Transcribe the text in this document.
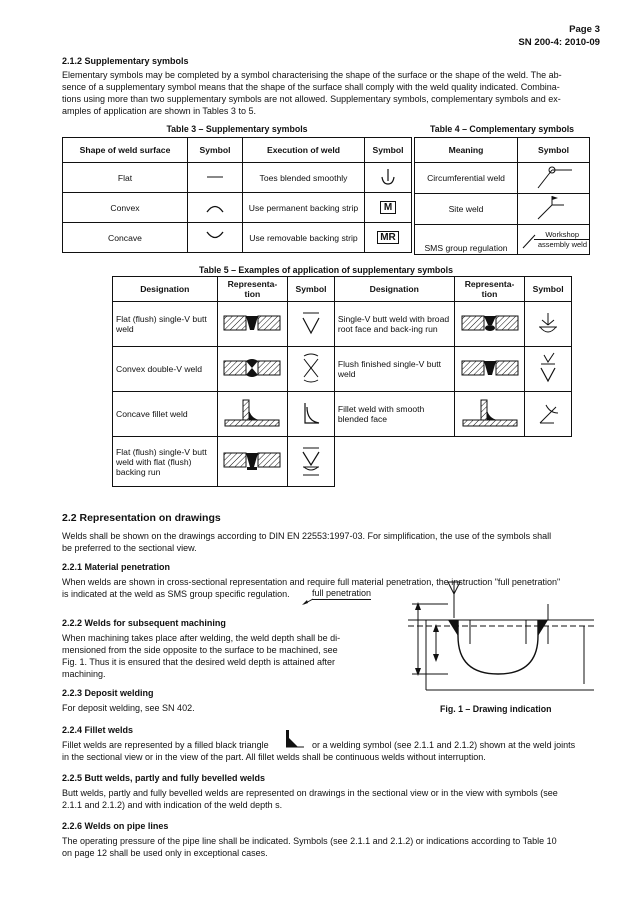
Page 3
SN 200-4: 2010-09
2.1.2 Supplementary symbols
Elementary symbols may be completed by a symbol characterising the shape of the surface or the shape of the weld. The ab-
sence of a supplementary symbol means that the shape of the surface shall comply with the weld quality indicated. Combina-
tions using more than two supplementary symbols are not allowed. Supplementary symbols, complementary symbols and ex-
amples of application are shown in Tables 3 to 5.
Table 3 – Supplementary symbols
Shape of weld surface	Symbol	Execution of weld	Symbol
Flat		Toes blended smoothly	
Convex		Use permanent backing strip	M
Concave		Use removable backing strip	MR
Table 4 – Complementary symbols
Meaning	Symbol
Circumferential weld	
Site weld	
SMS group regulation	Workshop
assembly weld
Table 5 – Examples of application of supplementary symbols
Designation	Representa-tion	Symbol	Designation	Representa-tion	Symbol
Flat (flush) single-V butt weld			Single-V butt weld with broad root face and back-ing run		
Convex double-V weld			Flush finished single-V butt weld		
Concave fillet weld			Fillet weld with smooth blended face		
Flat (flush) single-V butt weld with flat (flush) backing run			
2.2 Representation on drawings
Welds shall be shown on the drawings according to DIN EN 22553:1997-03. For simplification, the use of the symbols shall
be preferred to the sectional view.
2.2.1 Material penetration
When welds are shown in cross-sectional representation and require full material penetration, the instruction "full penetration"
is indicated at the weld as SMS group specific regulation.	full penetration
2.2.2 Welds for subsequent machining
When machining takes place after welding, the weld depth shall be di-
mensioned from the side opposite to the surface to be machined, see
Fig. 1. Thus it is ensured that the desired weld depth is attained after
machining.
Fig. 1 – Drawing indication
2.2.3 Deposit welding
For deposit welding, see SN 402.
2.2.4 Fillet welds
Fillet welds are represented by a filled black triangle	or a welding symbol (see 2.1.1 and 2.1.2) shown at the weld joints
in the sectional view or in the view of the part. All fillet welds shall be continuous welds without interruption.
2.2.5 Butt welds, partly and fully bevelled welds
Butt welds, partly and fully bevelled welds are represented on drawings in the sectional view or in the view with symbols (see
2.1.1 and 2.1.2) and with indication of the weld depth s.
2.2.6 Welds on pipe lines
The operating pressure of the pipe line shall be indicated. Symbols (see 2.1.1 and 2.1.2) or indications according to Table 10
on page 12 shall be used only in exceptional cases.
